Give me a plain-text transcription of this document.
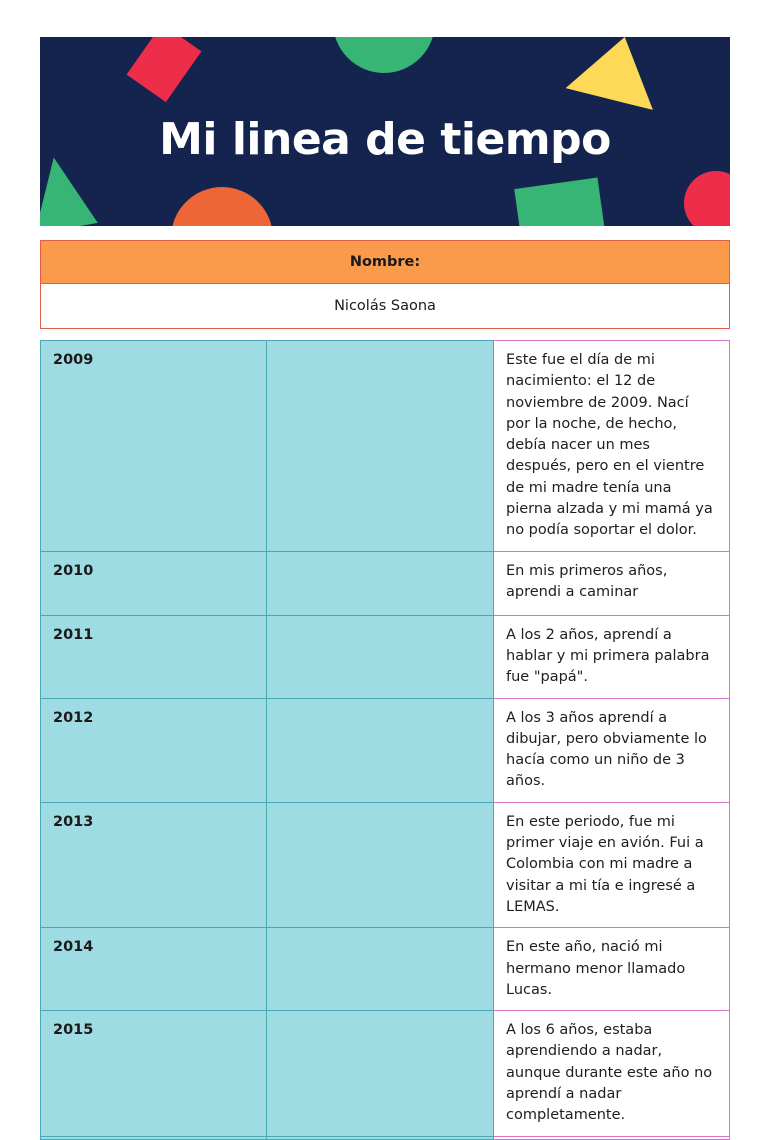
Mi linea de tiempo
Nombre:
Nicolás Saona
2009		Este fue el día de mi nacimiento: el 12 de noviembre de 2009. Nací por la noche, de hecho, debía nacer un mes después, pero en el vientre de mi madre tenía una pierna alzada y mi mamá ya no podía soportar el dolor.
2010		En mis primeros años, aprendi a caminar
2011		A los 2 años, aprendí a hablar y mi primera palabra fue "papá".
2012		A los 3 años aprendí a dibujar, pero obviamente lo hacía como un niño de 3 años.
2013		En este periodo, fue mi primer viaje en avión. Fui a Colombia con mi madre a visitar a mi tía e ingresé a LEMAS.
2014		En este año, nació mi hermano menor llamado Lucas.
2015		A los 6 años, estaba aprendiendo a nadar, aunque durante este año no aprendí a nadar completamente.
